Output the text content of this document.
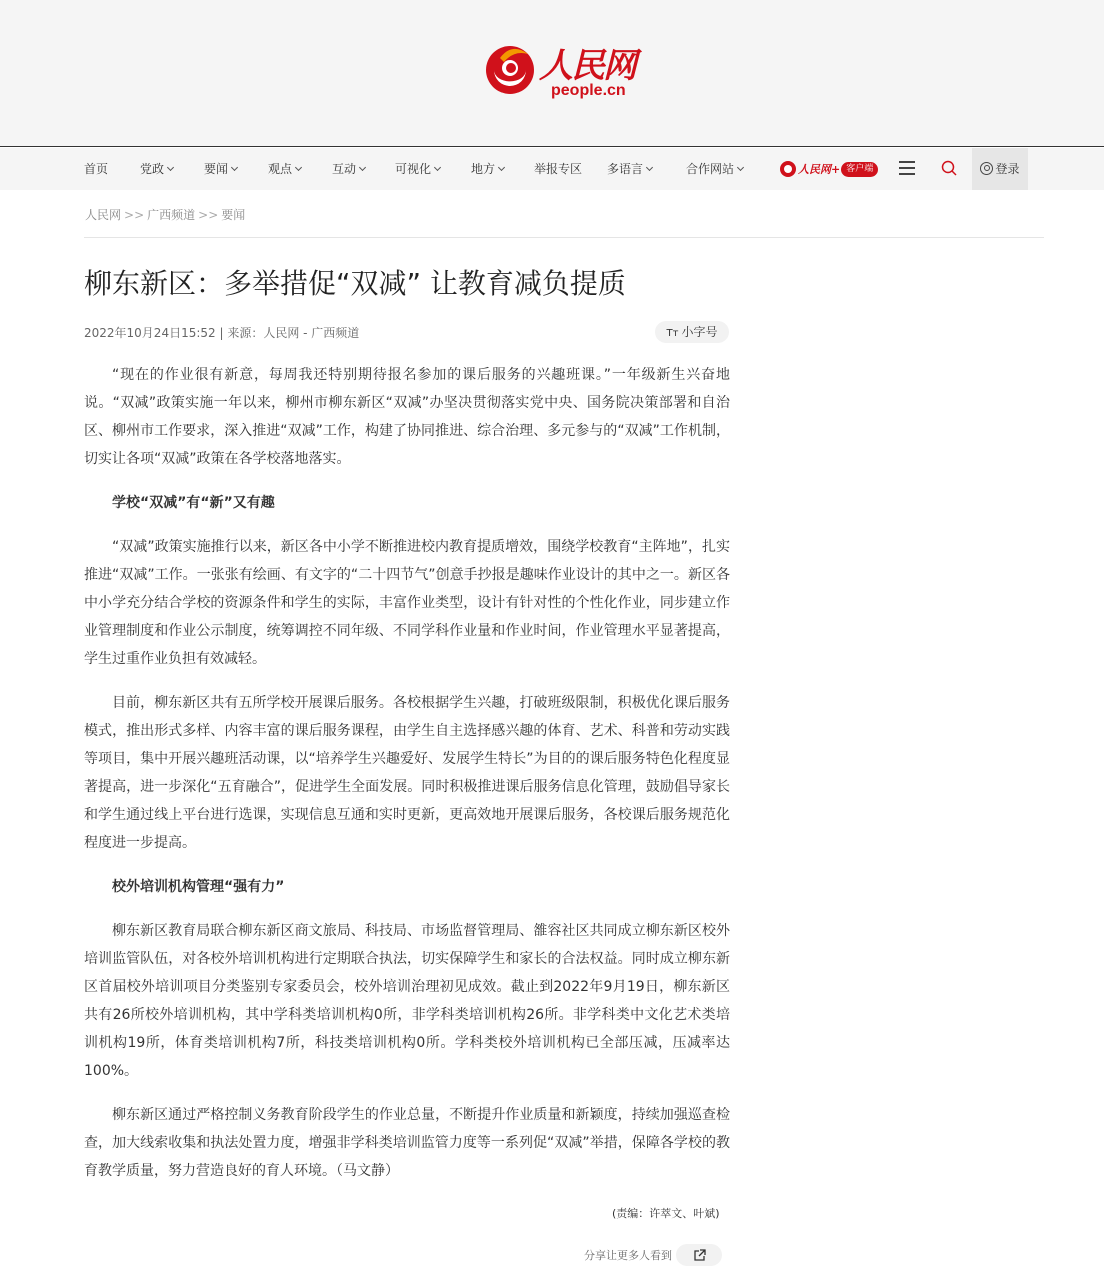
人民网
people.cn
首页	党政	要闻	观点	互动	可视化	地方	举报专区 多语言	合作网站	人民网+ 客户端	登录
人民网 >> 广西频道 >> 要闻
柳东新区：多举措促“双减” 让教育减负提质
2022年10月24日15:52 | 来源：人民网 - 广西频道	Tт 小字号

“现在的作业很有新意，每周我还特别期待报名参加的课后服务的兴趣班课。”一年级新生兴奋地说。“双减”政策实施一年以来，柳州市柳东新区“双减”办坚决贯彻落实党中央、国务院决策部署和自治区、柳州市工作要求，深入推进“双减”工作，构建了协同推进、综合治理、多元参与的“双减”工作机制，切实让各项“双减”政策在各学校落地落实。

学校“双减”有“新”又有趣

“双减”政策实施推行以来，新区各中小学不断推进校内教育提质增效，围绕学校教育“主阵地”，扎实推进“双减”工作。一张张有绘画、有文字的“二十四节气”创意手抄报是趣味作业设计的其中之一。新区各中小学充分结合学校的资源条件和学生的实际，丰富作业类型，设计有针对性的个性化作业，同步建立作业管理制度和作业公示制度，统筹调控不同年级、不同学科作业量和作业时间，作业管理水平显著提高，学生过重作业负担有效减轻。

目前，柳东新区共有五所学校开展课后服务。各校根据学生兴趣，打破班级限制，积极优化课后服务模式，推出形式多样、内容丰富的课后服务课程，由学生自主选择感兴趣的体育、艺术、科普和劳动实践等项目，集中开展兴趣班活动课，以“培养学生兴趣爱好、发展学生特长”为目的的课后服务特色化程度显著提高，进一步深化“五育融合”，促进学生全面发展。同时积极推进课后服务信息化管理，鼓励倡导家长和学生通过线上平台进行选课，实现信息互通和实时更新，更高效地开展课后服务，各校课后服务规范化程度进一步提高。

校外培训机构管理“强有力”

柳东新区教育局联合柳东新区商文旅局、科技局、市场监督管理局、雒容社区共同成立柳东新区校外培训监管队伍，对各校外培训机构进行定期联合执法，切实保障学生和家长的合法权益。同时成立柳东新区首届校外培训项目分类鉴别专家委员会，校外培训治理初见成效。截止到2022年9月19日，柳东新区共有26所校外培训机构，其中学科类培训机构0所，非学科类培训机构26所。非学科类中文化艺术类培训机构19所，体育类培训机构7所，科技类培训机构0所。学科类校外培训机构已全部压减，压减率达100%。

柳东新区通过严格控制义务教育阶段学生的作业总量，不断提升作业质量和新颖度，持续加强巡查检查，加大线索收集和执法处置力度，增强非学科类培训监管力度等一系列促“双减”举措，保障各学校的教育教学质量，努力营造良好的育人环境。（马文静）

(责编：许萃文、叶斌)
分享让更多人看到
